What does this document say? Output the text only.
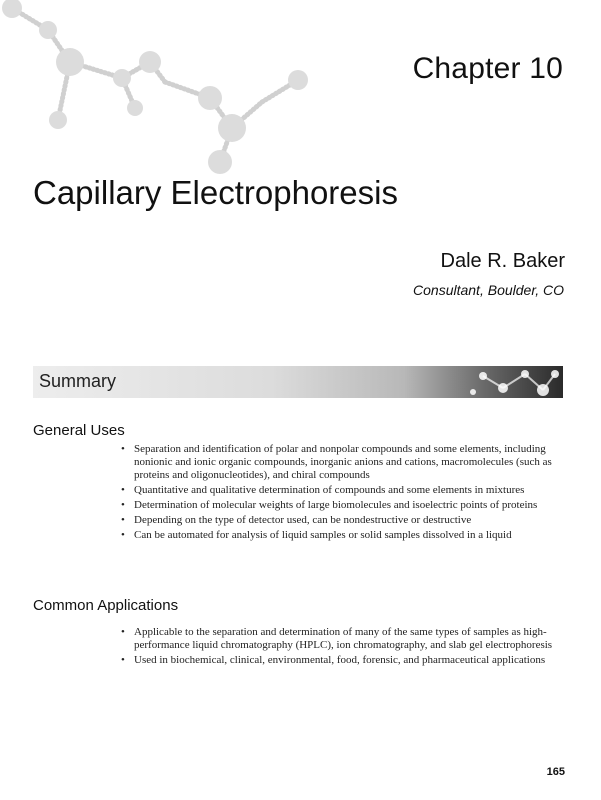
Chapter 10
Capillary Electrophoresis
Dale R. Baker
Consultant, Boulder, CO
Summary
General Uses
• Separation and identification of polar and nonpolar compounds and some elements, including nonionic and ionic organic compounds, inorganic anions and cations, macromolecules (such as proteins and oligonucleotides), and chiral compounds
• Quantitative and qualitative determination of compounds and some elements in mixtures
• Determination of molecular weights of large biomolecules and isoelectric points of proteins
• Depending on the type of detector used, can be nondestructive or destructive
• Can be automated for analysis of liquid samples or solid samples dissolved in a liquid
Common Applications
• Applicable to the separation and determination of many of the same types of samples as high-performance liquid chromatography (HPLC), ion chromatography, and slab gel electrophoresis
• Used in biochemical, clinical, environmental, food, forensic, and pharmaceutical applications
165
